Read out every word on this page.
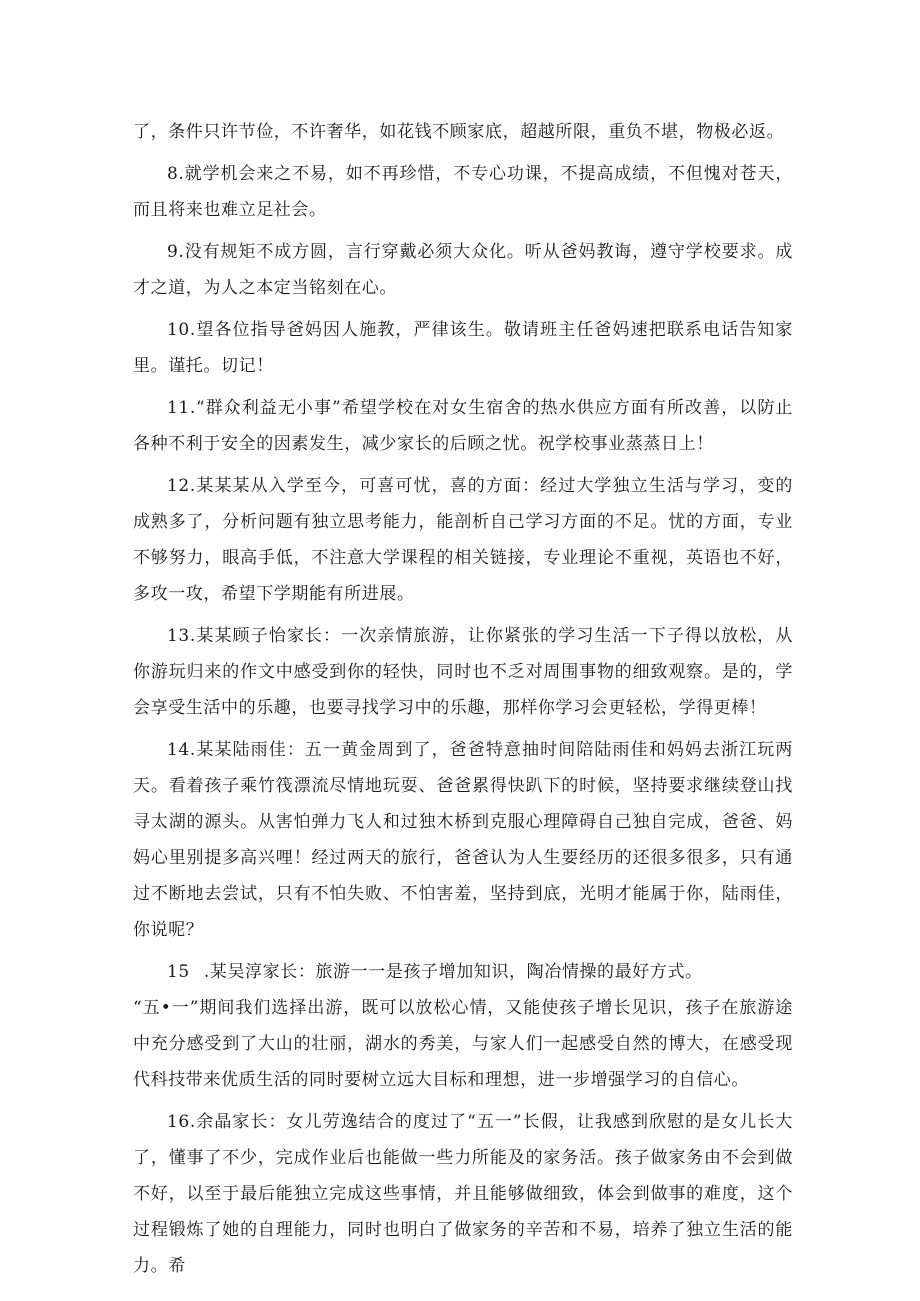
了，条件只许节俭，不许奢华，如花钱不顾家底，超越所限，重负不堪，物极必返。

8.就学机会来之不易，如不再珍惜，不专心功课，不提高成绩，不但愧对苍天，而且将来也难立足社会。

9.没有规矩不成方圆，言行穿戴必须大众化。听从爸妈教诲，遵守学校要求。成才之道，为人之本定当铭刻在心。

10.望各位指导爸妈因人施教，严律该生。敬请班主任爸妈速把联系电话告知家里。谨托。切记！

11.“群众利益无小事”希望学校在对女生宿舍的热水供应方面有所改善，以防止各种不利于安全的因素发生，减少家长的后顾之忧。祝学校事业蒸蒸日上！

12.某某某从入学至今，可喜可忧，喜的方面：经过大学独立生活与学习，变的成熟多了，分析问题有独立思考能力，能剖析自己学习方面的不足。忧的方面，专业不够努力，眼高手低，不注意大学课程的相关链接，专业理论不重视，英语也不好，多攻一攻，希望下学期能有所进展。

13.某某顾子怡家长：一次亲情旅游，让你紧张的学习生活一下子得以放松，从你游玩归来的作文中感受到你的轻快，同时也不乏对周围事物的细致观察。是的，学会享受生活中的乐趣，也要寻找学习中的乐趣，那样你学习会更轻松，学得更棒！

14.某某陆雨佳：五一黄金周到了，爸爸特意抽时间陪陆雨佳和妈妈去浙江玩两天。看着孩子乘竹筏漂流尽情地玩耍、爸爸累得快趴下的时候，坚持要求继续登山找寻太湖的源头。从害怕弹力飞人和过独木桥到克服心理障碍自己独自完成，爸爸、妈妈心里别提多高兴哩！经过两天的旅行，爸爸认为人生要经历的还很多很多，只有通过不断地去尝试，只有不怕失败、不怕害羞，坚持到底，光明才能属于你，陆雨佳，你说呢？

15 .某吴淳家长：旅游一一是孩子增加知识，陶冶情操的最好方式。

“五•一”期间我们选择出游，既可以放松心情，又能使孩子增长见识，孩子在旅游途中充分感受到了大山的壮丽，湖水的秀美，与家人们一起感受自然的博大，在感受现代科技带来优质生活的同时要树立远大目标和理想，进一步增强学习的自信心。

16.余晶家长：女儿劳逸结合的度过了“五一”长假，让我感到欣慰的是女儿长大了，懂事了不少，完成作业后也能做一些力所能及的家务活。孩子做家务由不会到做不好，以至于最后能独立完成这些事情，并且能够做细致，体会到做事的难度，这个过程锻炼了她的自理能力，同时也明白了做家务的辛苦和不易，培养了独立生活的能力。希
